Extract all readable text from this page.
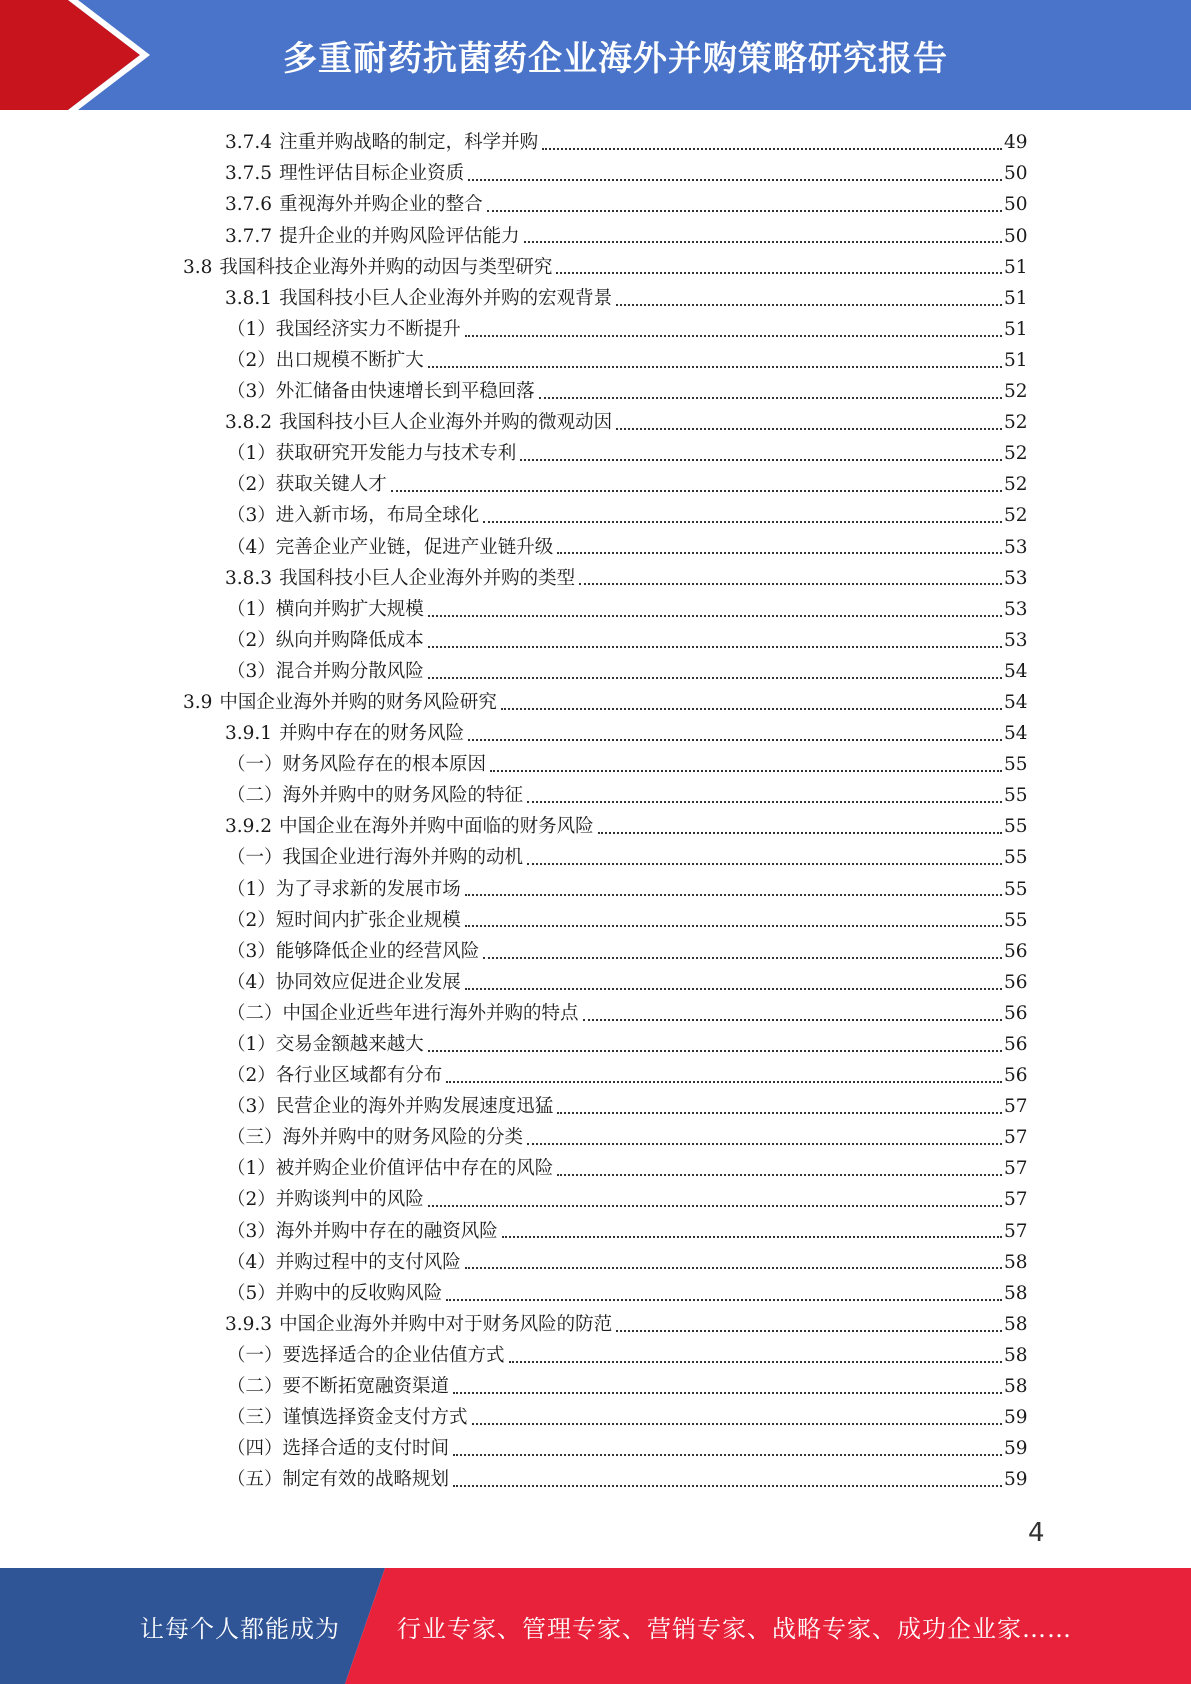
多重耐药抗菌药企业海外并购策略研究报告
3.7.4 注重并购战略的制定，科学并购	49
3.7.5 理性评估目标企业资质	50
3.7.6 重视海外并购企业的整合	50
3.7.7 提升企业的并购风险评估能力	50
3.8 我国科技企业海外并购的动因与类型研究	51
3.8.1 我国科技小巨人企业海外并购的宏观背景	51
（1）我国经济实力不断提升	51
（2）出口规模不断扩大	51
（3）外汇储备由快速增长到平稳回落	52
3.8.2 我国科技小巨人企业海外并购的微观动因	52
（1）获取研究开发能力与技术专利	52
（2）获取关键人才	52
（3）进入新市场，布局全球化	52
（4）完善企业产业链，促进产业链升级	53
3.8.3 我国科技小巨人企业海外并购的类型	53
（1）横向并购扩大规模	53
（2）纵向并购降低成本	53
（3）混合并购分散风险	54
3.9 中国企业海外并购的财务风险研究	54
3.9.1 并购中存在的财务风险	54
（一）财务风险存在的根本原因	55
（二）海外并购中的财务风险的特征	55
3.9.2 中国企业在海外并购中面临的财务风险	55
（一）我国企业进行海外并购的动机	55
（1）为了寻求新的发展市场	55
（2）短时间内扩张企业规模	55
（3）能够降低企业的经营风险	56
（4）协同效应促进企业发展	56
（二）中国企业近些年进行海外并购的特点	56
（1）交易金额越来越大	56
（2）各行业区域都有分布	56
（3）民营企业的海外并购发展速度迅猛	57
（三）海外并购中的财务风险的分类	57
（1）被并购企业价值评估中存在的风险	57
（2）并购谈判中的风险	57
（3）海外并购中存在的融资风险	57
（4）并购过程中的支付风险	58
（5）并购中的反收购风险	58
3.9.3 中国企业海外并购中对于财务风险的防范	58
（一）要选择适合的企业估值方式	58
（二）要不断拓宽融资渠道	58
（三）谨慎选择资金支付方式	59
（四）选择合适的支付时间	59
（五）制定有效的战略规划	59
4
让每个人都能成为 行业专家、管理专家、营销专家、战略专家、成功企业家……
